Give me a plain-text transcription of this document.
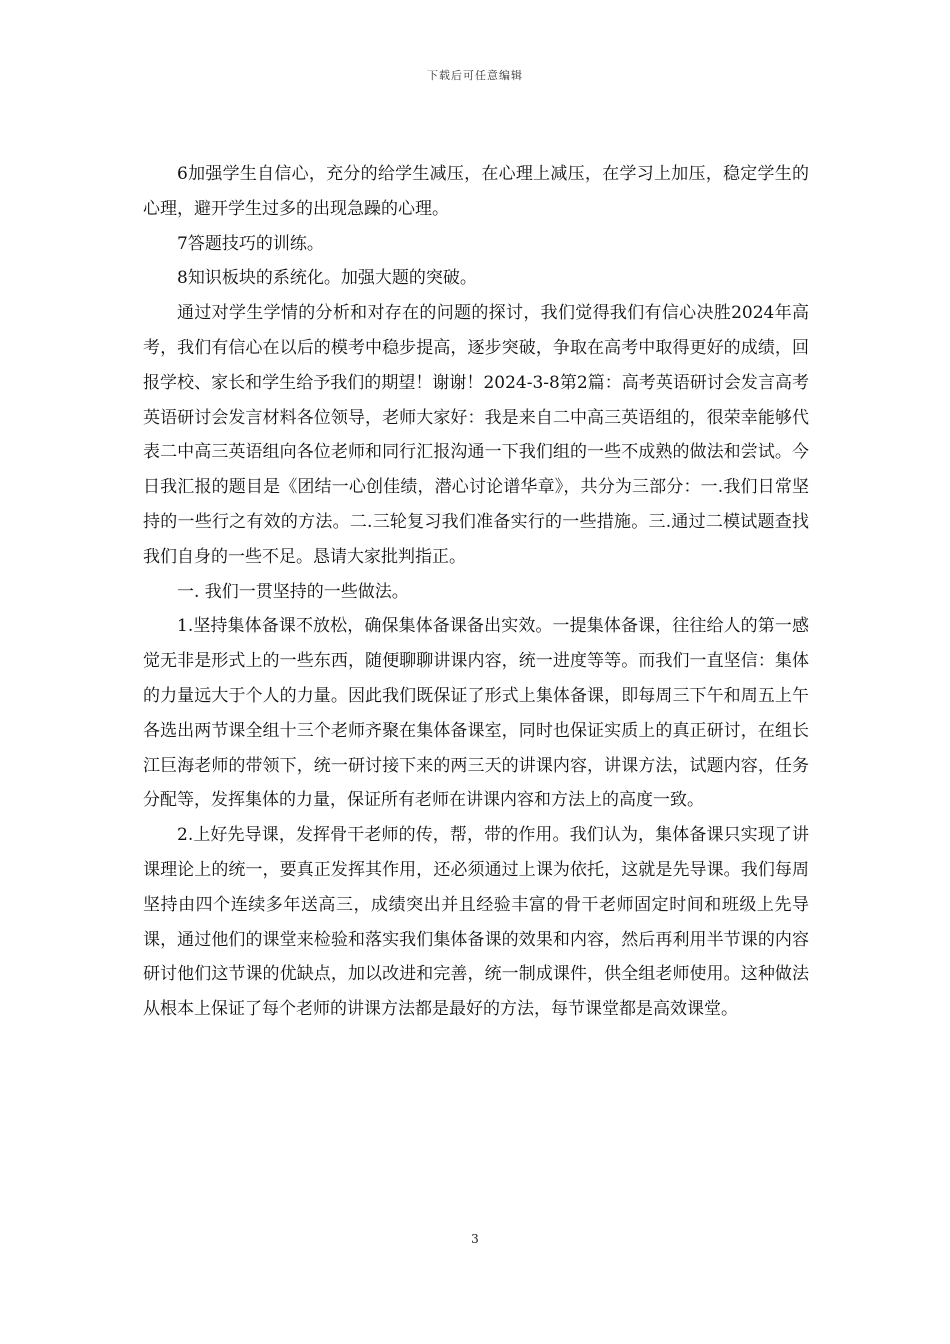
下载后可任意编辑

6加强学生自信心，充分的给学生减压，在心理上减压，在学习上加压，稳定学生的心理，避开学生过多的出现急躁的心理。

7答题技巧的训练。

8知识板块的系统化。加强大题的突破。

通过对学生学情的分析和对存在的问题的探讨，我们觉得我们有信心决胜2024年高考，我们有信心在以后的模考中稳步提高，逐步突破，争取在高考中取得更好的成绩，回报学校、家长和学生给予我们的期望！谢谢！2024-3-8第2篇：高考英语研讨会发言高考英语研讨会发言材料各位领导，老师大家好：我是来自二中高三英语组的，很荣幸能够代表二中高三英语组向各位老师和同行汇报沟通一下我们组的一些不成熟的做法和尝试。今日我汇报的题目是《团结一心创佳绩，潜心讨论谱华章》，共分为三部分：一.我们日常坚持的一些行之有效的方法。二.三轮复习我们准备实行的一些措施。三.通过二模试题查找我们自身的一些不足。恳请大家批判指正。

一. 我们一贯坚持的一些做法。

1.坚持集体备课不放松，确保集体备课备出实效。一提集体备课，往往给人的第一感觉无非是形式上的一些东西，随便聊聊讲课内容，统一进度等等。而我们一直坚信：集体的力量远大于个人的力量。因此我们既保证了形式上集体备课，即每周三下午和周五上午各选出两节课全组十三个老师齐聚在集体备课室，同时也保证实质上的真正研讨，在组长江巨海老师的带领下，统一研讨接下来的两三天的讲课内容，讲课方法，试题内容，任务分配等，发挥集体的力量，保证所有老师在讲课内容和方法上的高度一致。

2.上好先导课，发挥骨干老师的传，帮，带的作用。我们认为，集体备课只实现了讲课理论上的统一，要真正发挥其作用，还必须通过上课为依托，这就是先导课。我们每周坚持由四个连续多年送高三，成绩突出并且经验丰富的骨干老师固定时间和班级上先导课，通过他们的课堂来检验和落实我们集体备课的效果和内容，然后再利用半节课的内容研讨他们这节课的优缺点，加以改进和完善，统一制成课件，供全组老师使用。这种做法从根本上保证了每个老师的讲课方法都是最好的方法，每节课堂都是高效课堂。

3
